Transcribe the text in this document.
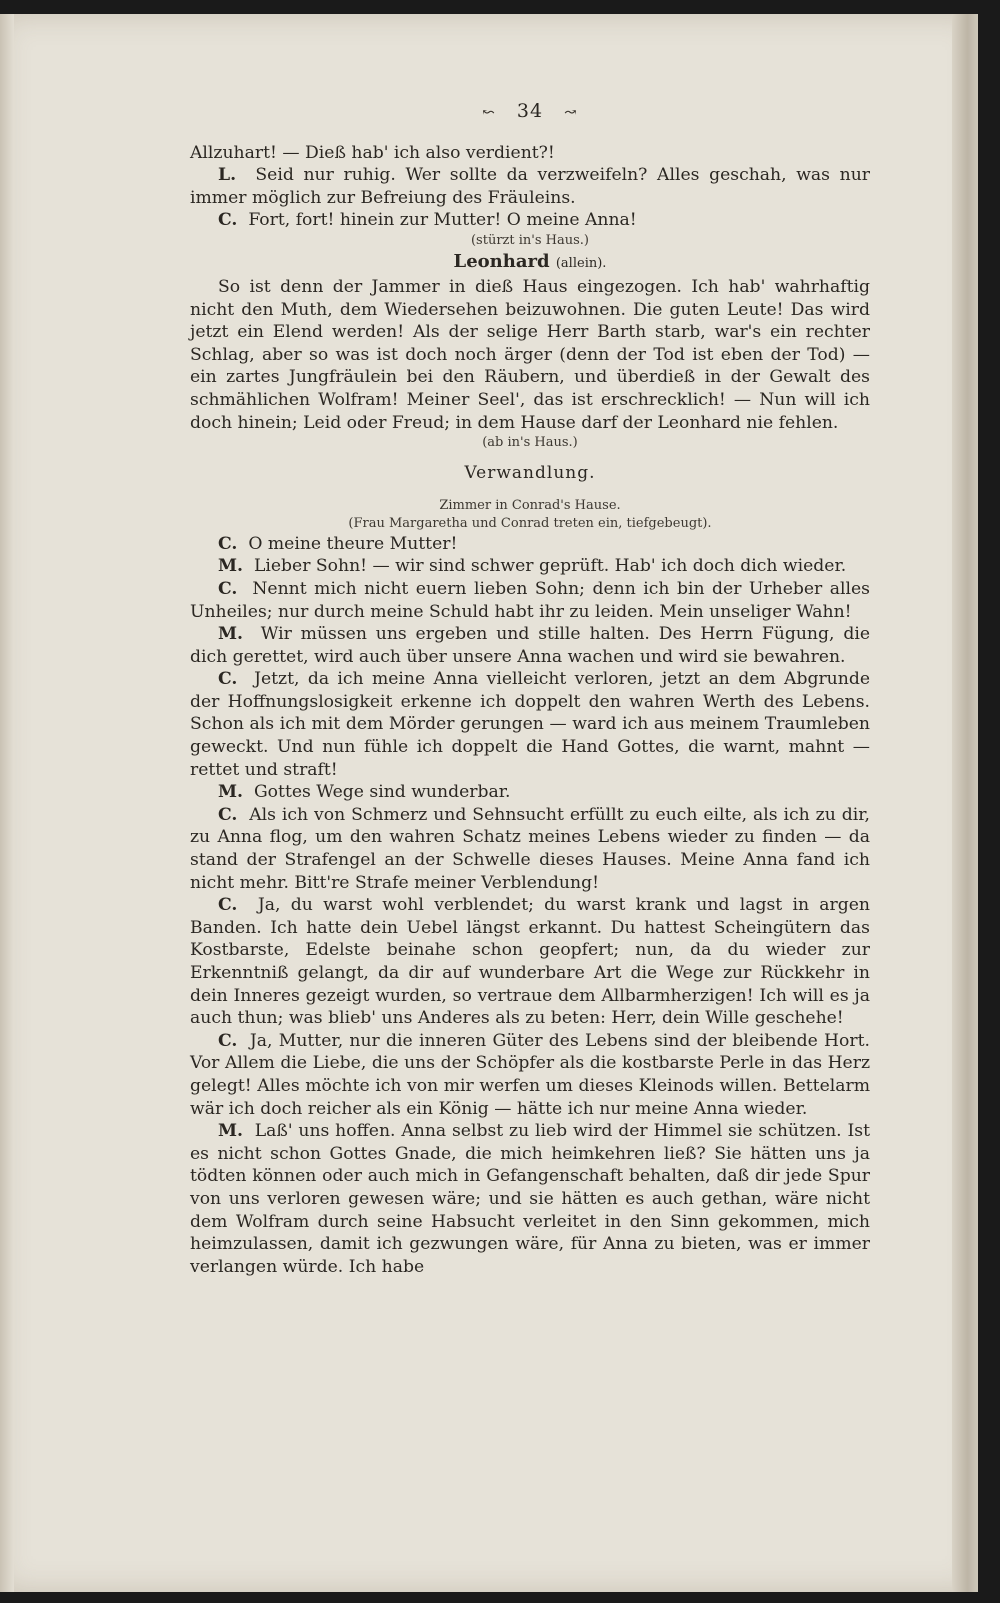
↜ 34 ↝

Allzuhart! — Dieß hab' ich also verdient?!

L. Seid nur ruhig. Wer sollte da verzweifeln? Alles geschah, was nur immer möglich zur Befreiung des Fräuleins.

C. Fort, fort! hinein zur Mutter! O meine Anna!

(stürzt in's Haus.)

Leonhard (allein).

So ist denn der Jammer in dieß Haus eingezogen. Ich hab' wahrhaftig nicht den Muth, dem Wiedersehen beizuwohnen. Die guten Leute! Das wird jetzt ein Elend werden! Als der selige Herr Barth starb, war's ein rechter Schlag, aber so was ist doch noch ärger (denn der Tod ist eben der Tod) — ein zartes Jungfräulein bei den Räubern, und überdieß in der Gewalt des schmählichen Wolfram! Meiner Seel', das ist erschrecklich! — Nun will ich doch hinein; Leid oder Freud; in dem Hause darf der Leonhard nie fehlen.

(ab in's Haus.)

Verwandlung.

Zimmer in Conrad's Hause.

(Frau Margaretha und Conrad treten ein, tiefgebeugt).

C. O meine theure Mutter!

M. Lieber Sohn! — wir sind schwer geprüft. Hab' ich doch dich wieder.

C. Nennt mich nicht euern lieben Sohn; denn ich bin der Urheber alles Unheiles; nur durch meine Schuld habt ihr zu leiden. Mein unseliger Wahn!

M. Wir müssen uns ergeben und stille halten. Des Herrn Fügung, die dich gerettet, wird auch über unsere Anna wachen und wird sie bewahren.

C. Jetzt, da ich meine Anna vielleicht verloren, jetzt an dem Abgrunde der Hoffnungslosigkeit erkenne ich doppelt den wahren Werth des Lebens. Schon als ich mit dem Mörder gerungen — ward ich aus meinem Traumleben geweckt. Und nun fühle ich doppelt die Hand Gottes, die warnt, mahnt — rettet und straft!

M. Gottes Wege sind wunderbar.

C. Als ich von Schmerz und Sehnsucht erfüllt zu euch eilte, als ich zu dir, zu Anna flog, um den wahren Schatz meines Lebens wieder zu finden — da stand der Strafengel an der Schwelle dieses Hauses. Meine Anna fand ich nicht mehr. Bitt're Strafe meiner Verblendung!

C. Ja, du warst wohl verblendet; du warst krank und lagst in argen Banden. Ich hatte dein Uebel längst erkannt. Du hattest Scheingütern das Kostbarste, Edelste beinahe schon geopfert; nun, da du wieder zur Erkenntniß gelangt, da dir auf wunderbare Art die Wege zur Rückkehr in dein Inneres gezeigt wurden, so vertraue dem Allbarmherzigen! Ich will es ja auch thun; was blieb' uns Anderes als zu beten: Herr, dein Wille geschehe!

C. Ja, Mutter, nur die inneren Güter des Lebens sind der bleibende Hort. Vor Allem die Liebe, die uns der Schöpfer als die kostbarste Perle in das Herz gelegt! Alles möchte ich von mir werfen um dieses Kleinods willen. Bettelarm wär ich doch reicher als ein König — hätte ich nur meine Anna wieder.

M. Laß' uns hoffen. Anna selbst zu lieb wird der Himmel sie schützen. Ist es nicht schon Gottes Gnade, die mich heimkehren ließ? Sie hätten uns ja tödten können oder auch mich in Gefangenschaft behalten, daß dir jede Spur von uns verloren gewesen wäre; und sie hätten es auch gethan, wäre nicht dem Wolfram durch seine Habsucht verleitet in den Sinn gekommen, mich heimzulassen, damit ich gezwungen wäre, für Anna zu bieten, was er immer verlangen würde. Ich habe
